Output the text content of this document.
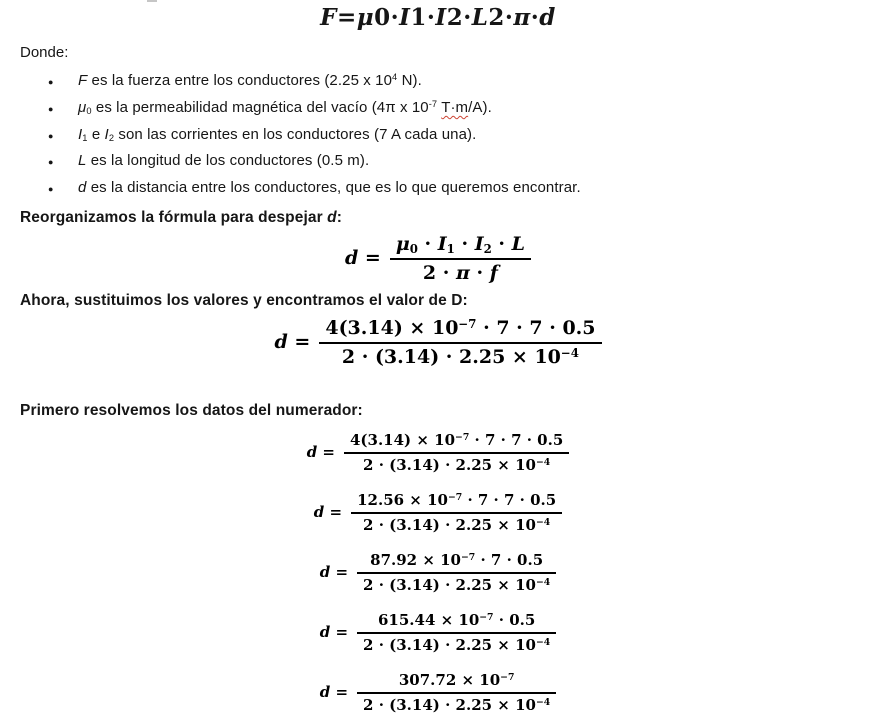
F=μ0·I1·I2·L2·π·d
Donde:
● F es la fuerza entre los conductores (2.25 x $10^4$ N).
● $\mu_0$ es la permeabilidad magnética del vacío (4π x $10^{-7}$ T·m/A).
● $I_1$ e $I_2$ son las corrientes en los conductores (7 A cada una).
● L es la longitud de los conductores (0.5 m).
● d es la distancia entre los conductores, que es lo que queremos encontrar.

Reorganizamos la fórmula para despejar d:

$d = \frac{\mu_0 \cdot I_1 \cdot I_2 \cdot L}{2 \cdot \pi \cdot f}$

Ahora, sustituimos los valores y encontramos el valor de D:

$d = \frac{4(3.14) \times 10^{-7} \cdot 7 \cdot 7 \cdot 0.5}{2 \cdot (3.14) \cdot 2.25 \times 10^{-4}}$

Primero resolvemos los datos del numerador:

$d = \frac{4(3.14) \times 10^{-7} \cdot 7 \cdot 7 \cdot 0.5}{2 \cdot (3.14) \cdot 2.25 \times 10^{-4}}$
$d = \frac{12.56 \times 10^{-7} \cdot 7 \cdot 7 \cdot 0.5}{2 \cdot (3.14) \cdot 2.25 \times 10^{-4}}$
$d = \frac{87.92 \times 10^{-7} \cdot 7 \cdot 0.5}{2 \cdot (3.14) \cdot 2.25 \times 10^{-4}}$
$d = \frac{615.44 \times 10^{-7} \cdot 0.5}{2 \cdot (3.14) \cdot 2.25 \times 10^{-4}}$
$d = \frac{307.72 \times 10^{-7}}{2 \cdot (3.14) \cdot 2.25 \times 10^{-4}}$
